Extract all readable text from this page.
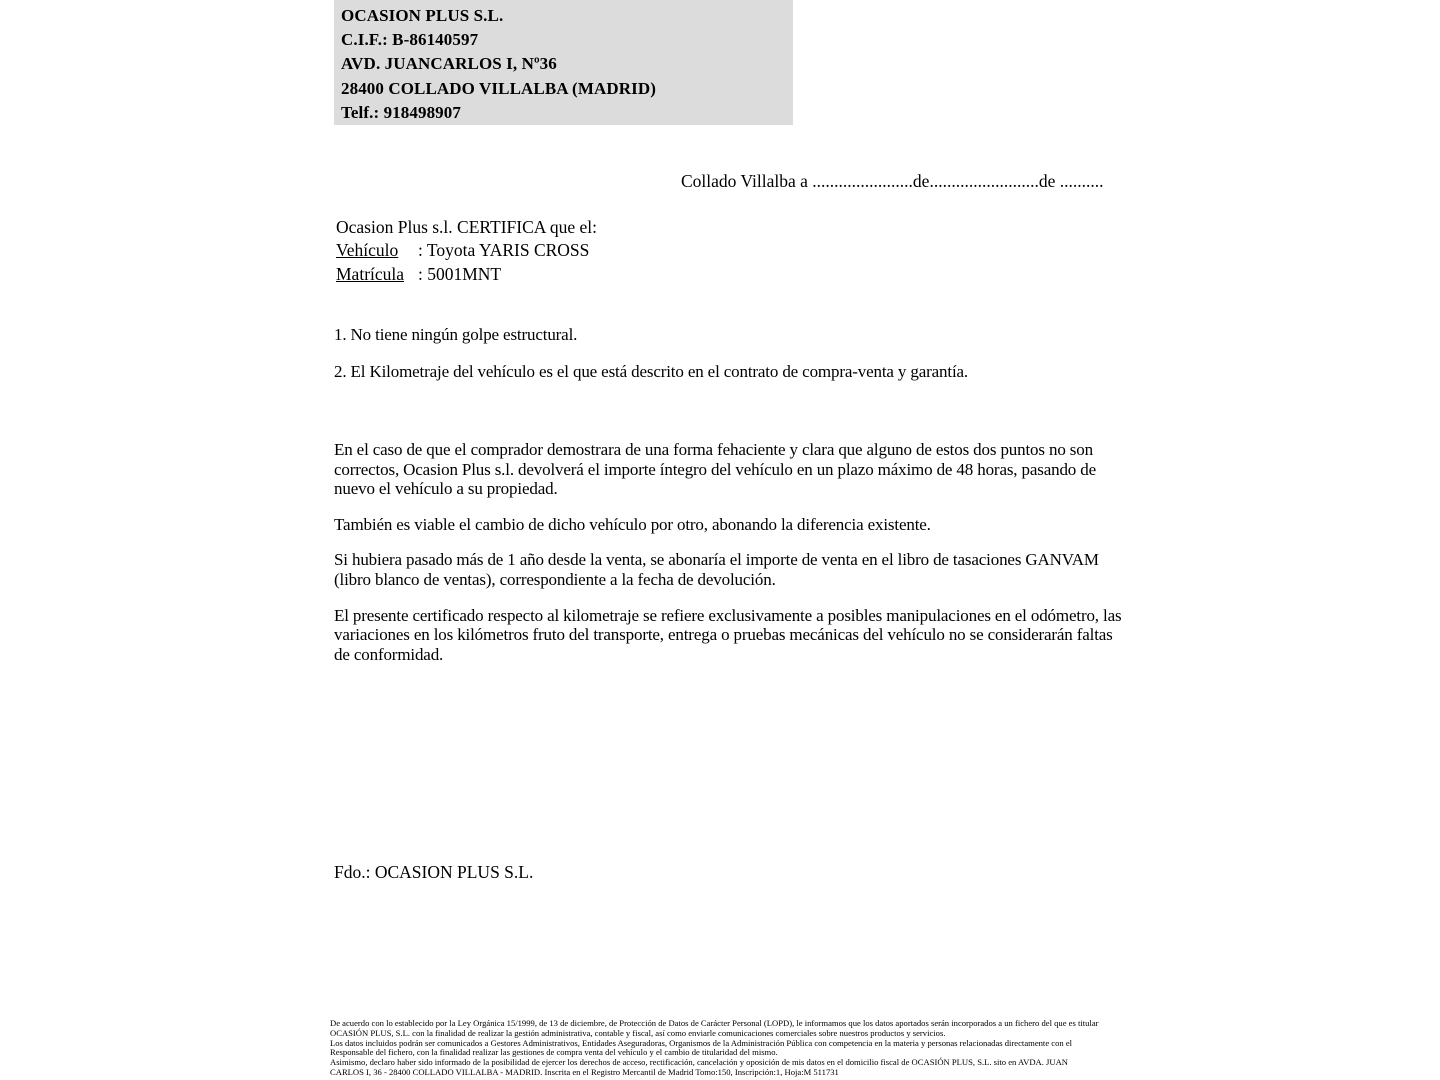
OCASION PLUS S.L.
C.I.F.: B-86140597
AVD. JUANCARLOS I, Nº36
28400 COLLADO VILLALBA (MADRID)
Telf.: 918498907
Collado Villalba a .......................de.........................de ..........
Ocasion Plus s.l. CERTIFICA que el:
Vehículo : Toyota YARIS CROSS
Matrícula : 5001MNT
1. No tiene ningún golpe estructural.
2. El Kilometraje del vehículo es el que está descrito en el contrato de compra-venta y garantía.

En el caso de que el comprador demostrara de una forma fehaciente y clara que alguno de estos dos puntos no son correctos, Ocasion Plus s.l. devolverá el importe íntegro del vehículo en un plazo máximo de 48 horas, pasando de nuevo el vehículo a su propiedad.

También es viable el cambio de dicho vehículo por otro, abonando la diferencia existente.

Si hubiera pasado más de 1 año desde la venta, se abonaría el importe de venta en el libro de tasaciones GANVAM (libro blanco de ventas), correspondiente a la fecha de devolución.

El presente certificado respecto al kilometraje se refiere exclusivamente a posibles manipulaciones en el odómetro, las variaciones en los kilómetros fruto del transporte, entrega o pruebas mecánicas del vehículo no se considerarán faltas de conformidad.

Fdo.: OCASION PLUS S.L.
De acuerdo con lo establecido por la Ley Orgánica 15/1999, de 13 de diciembre, de Protección de Datos de Carácter Personal (LOPD), le informamos que los datos aportados serán incorporados a un fichero del que es titular
OCASIÓN PLUS, S.L. con la finalidad de realizar la gestión administrativa, contable y fiscal, así como enviarle comunicaciones comerciales sobre nuestros productos y servicios.
Los datos incluidos podrán ser comunicados a Gestores Administrativos, Entidades Aseguradoras, Organismos de la Administración Pública con competencia en la materia y personas relacionadas directamente con el
Responsable del fichero, con la finalidad realizar las gestiones de compra venta del vehículo y el cambio de titularidad del mismo.
Asimismo, declaro haber sido informado de la posibilidad de ejercer los derechos de acceso, rectificación, cancelación y oposición de mis datos en el domicilio fiscal de OCASIÓN PLUS, S.L. sito en AVDA. JUAN
CARLOS I, 36 - 28400 COLLADO VILLALBA - MADRID. Inscrita en el Registro Mercantil de Madrid Tomo:150, Inscripción:1, Hoja:M 511731
